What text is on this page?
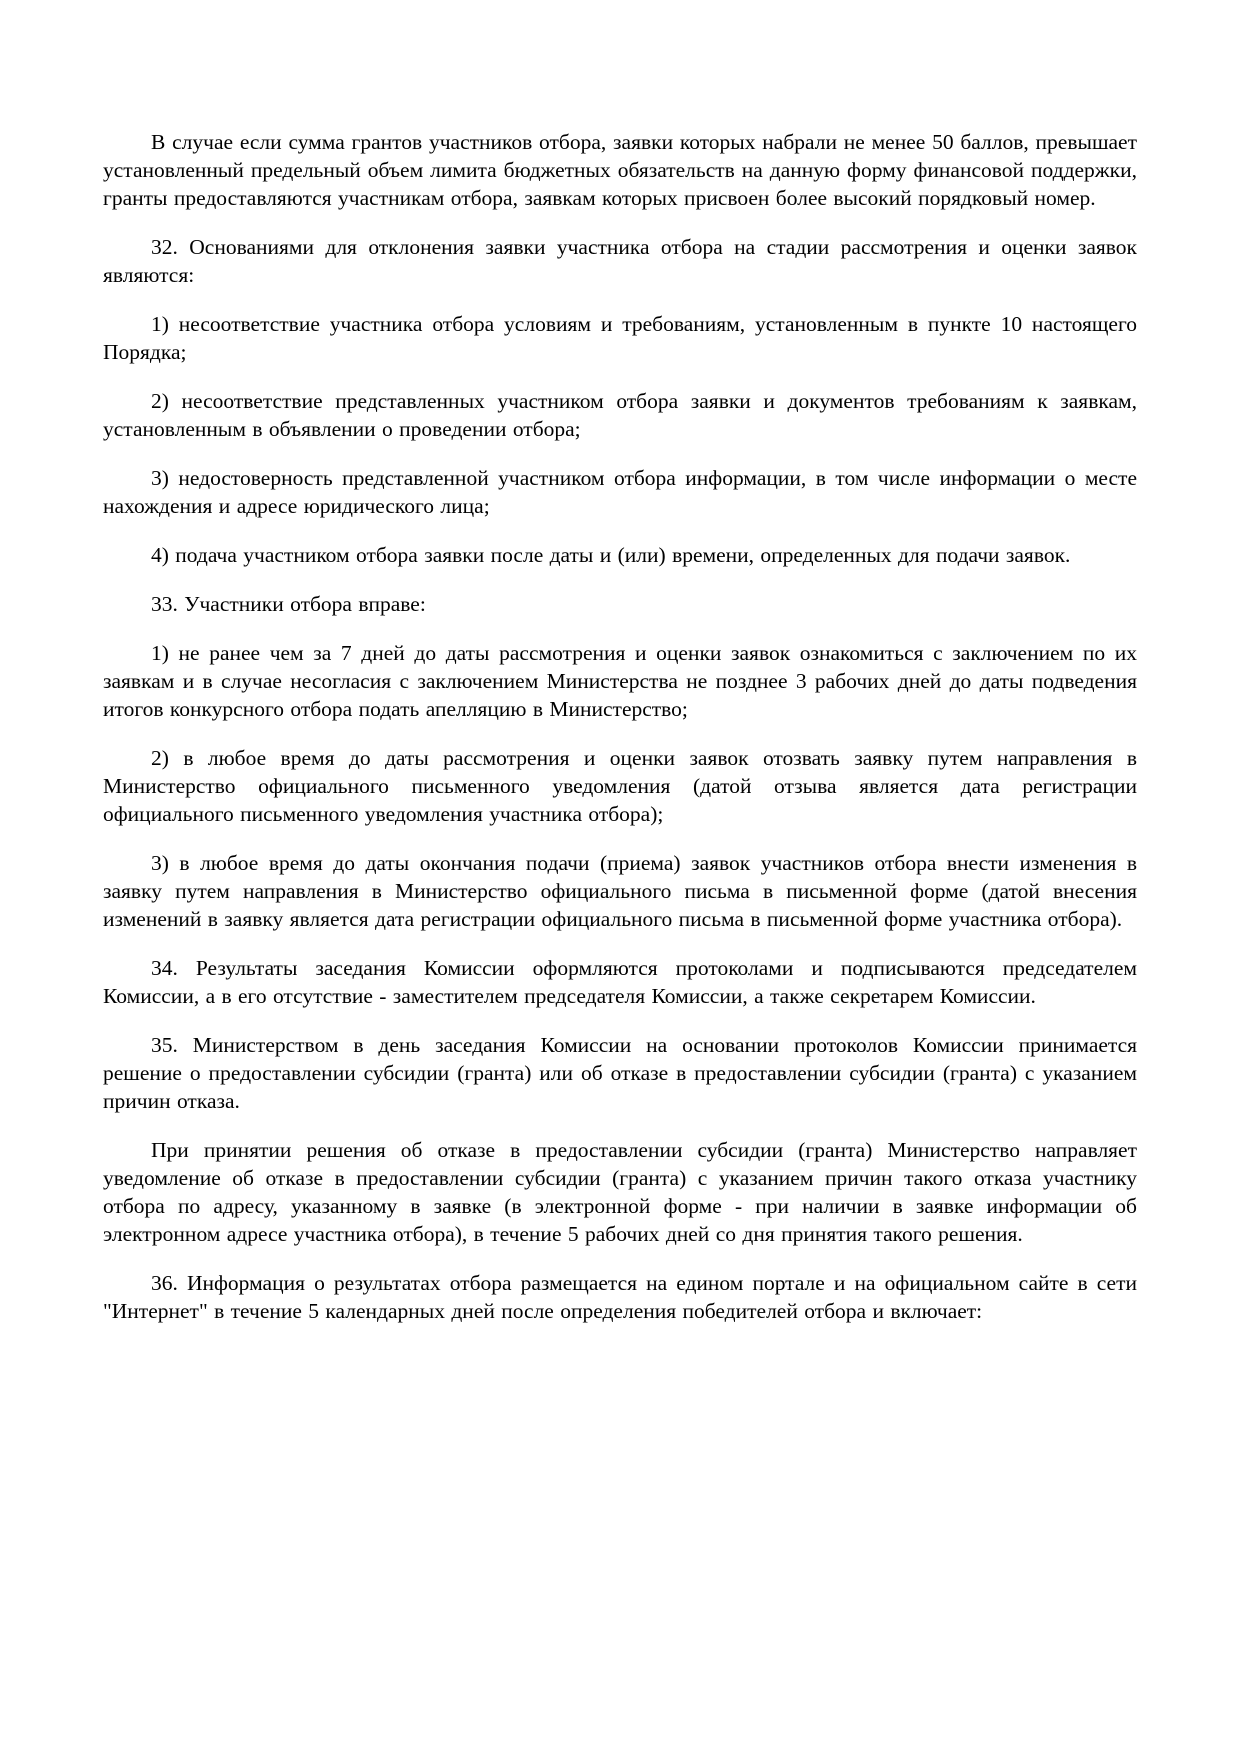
В случае если сумма грантов участников отбора, заявки которых набрали не менее 50 баллов, превышает установленный предельный объем лимита бюджетных обязательств на данную форму финансовой поддержки, гранты предоставляются участникам отбора, заявкам которых присвоен более высокий порядковый номер.

32. Основаниями для отклонения заявки участника отбора на стадии рассмотрения и оценки заявок являются:

1) несоответствие участника отбора условиям и требованиям, установленным в пункте 10 настоящего Порядка;

2) несоответствие представленных участником отбора заявки и документов требованиям к заявкам, установленным в объявлении о проведении отбора;

3) недостоверность представленной участником отбора информации, в том числе информации о месте нахождения и адресе юридического лица;

4) подача участником отбора заявки после даты и (или) времени, определенных для подачи заявок.

33. Участники отбора вправе:

1) не ранее чем за 7 дней до даты рассмотрения и оценки заявок ознакомиться с заключением по их заявкам и в случае несогласия с заключением Министерства не позднее 3 рабочих дней до даты подведения итогов конкурсного отбора подать апелляцию в Министерство;

2) в любое время до даты рассмотрения и оценки заявок отозвать заявку путем направления в Министерство официального письменного уведомления (датой отзыва является дата регистрации официального письменного уведомления участника отбора);

3) в любое время до даты окончания подачи (приема) заявок участников отбора внести изменения в заявку путем направления в Министерство официального письма в письменной форме (датой внесения изменений в заявку является дата регистрации официального письма в письменной форме участника отбора).

34. Результаты заседания Комиссии оформляются протоколами и подписываются председателем Комиссии, а в его отсутствие - заместителем председателя Комиссии, а также секретарем Комиссии.

35. Министерством в день заседания Комиссии на основании протоколов Комиссии принимается решение о предоставлении субсидии (гранта) или об отказе в предоставлении субсидии (гранта) с указанием причин отказа.

При принятии решения об отказе в предоставлении субсидии (гранта) Министерство направляет уведомление об отказе в предоставлении субсидии (гранта) с указанием причин такого отказа участнику отбора по адресу, указанному в заявке (в электронной форме - при наличии в заявке информации об электронном адресе участника отбора), в течение 5 рабочих дней со дня принятия такого решения.

36. Информация о результатах отбора размещается на едином портале и на официальном сайте в сети "Интернет" в течение 5 календарных дней после определения победителей отбора и включает:
